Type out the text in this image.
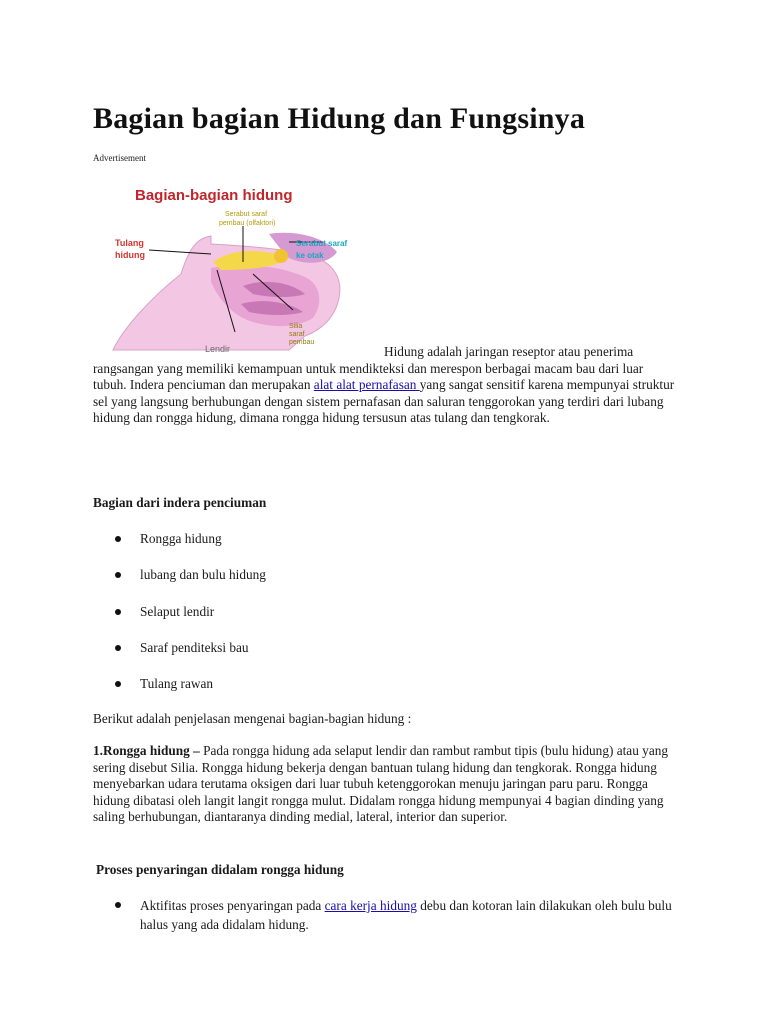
Bagian bagian Hidung dan Fungsinya
Advertisement
Bagian-bagian hidung
Tulang
hidung
Serabut saraf
pembau (olfaktori)
Serabut saraf
ke otak
Silia
saraf
pembau
Lendir	Hidung adalah jaringan reseptor atau penerima rangsangan yang memiliki kemampuan untuk mendikteksi dan merespon berbagai macam bau dari luar tubuh. Indera penciuman dan merupakan alat alat pernafasan yang sangat sensitif karena mempunyai struktur sel yang langsung berhubungan dengan sistem pernafasan dan saluran tenggorokan yang terdiri dari lubang hidung dan rongga hidung, dimana rongga hidung tersusun atas tulang dan tengkorak.
Bagian dari indera penciuman
Rongga hidung
lubang dan bulu hidung
Selaput lendir
Saraf penditeksi bau
Tulang rawan
Berikut adalah penjelasan mengenai bagian-bagian hidung :
1.Rongga hidung – Pada rongga hidung ada selaput lendir dan rambut rambut tipis (bulu hidung) atau yang sering disebut Silia. Rongga hidung bekerja dengan bantuan tulang hidung dan tengkorak. Rongga hidung menyebarkan udara terutama oksigen dari luar tubuh ketenggorokan menuju jaringan paru paru. Rongga hidung dibatasi oleh langit langit rongga mulut. Didalam rongga hidung mempunyai 4 bagian dinding yang saling berhubungan, diantaranya dinding medial, lateral, interior dan superior.
Proses penyaringan didalam rongga hidung
Aktifitas proses penyaringan pada cara kerja hidung debu dan kotoran lain dilakukan oleh bulu bulu halus yang ada didalam hidung.
